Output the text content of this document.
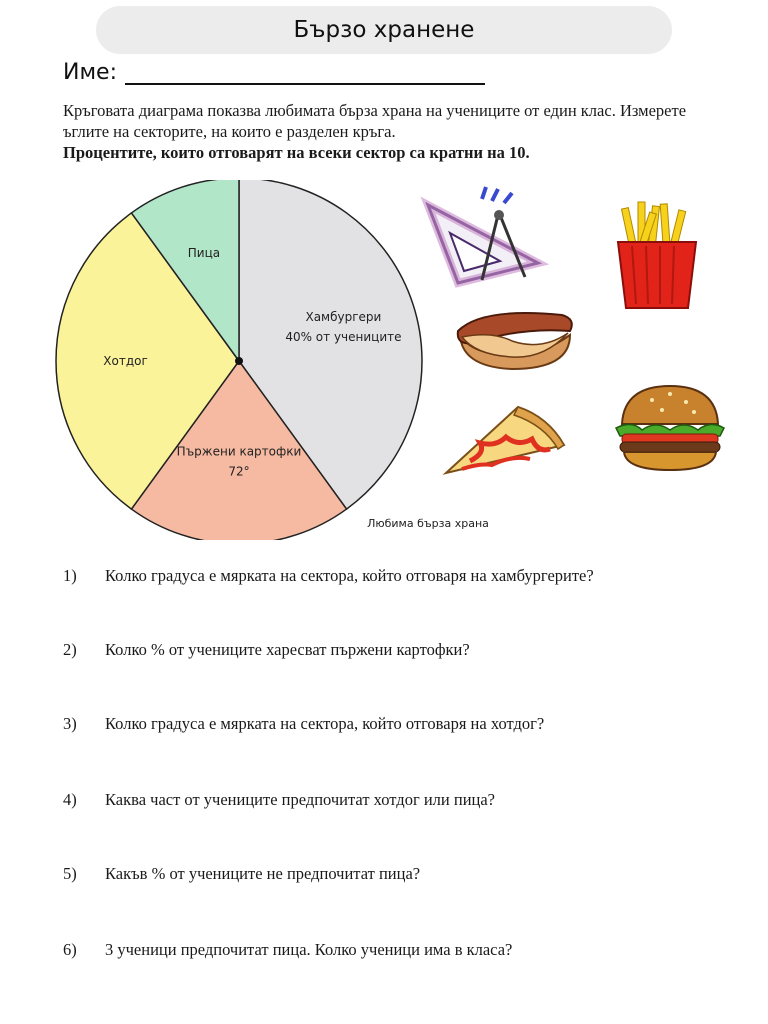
Бързо хранене
Име:
Кръговата диаграма показва любимата бърза храна на учениците от един клас. Измерете ъглите на секторите, на които е разделен кръга.
Процентите, които отговарят на всеки сектор са кратни на 10.
Хамбургери
40% от учениците
Пържени картофки
72°
Хотдог
Пица
Любима бърза храна
1)	Колко градуса е мярката на сектора, който отговаря на хамбургерите?
2)	Колко % от учениците харесват пържени картофки?
3)	Колко градуса е мярката на сектора, който отговаря на хотдог?
4)	Каква част от учениците предпочитат хотдог или пица?
5)	Какъв % от учениците не предпочитат пица?
6)	3 ученици предпочитат пица. Колко ученици има в класа?
